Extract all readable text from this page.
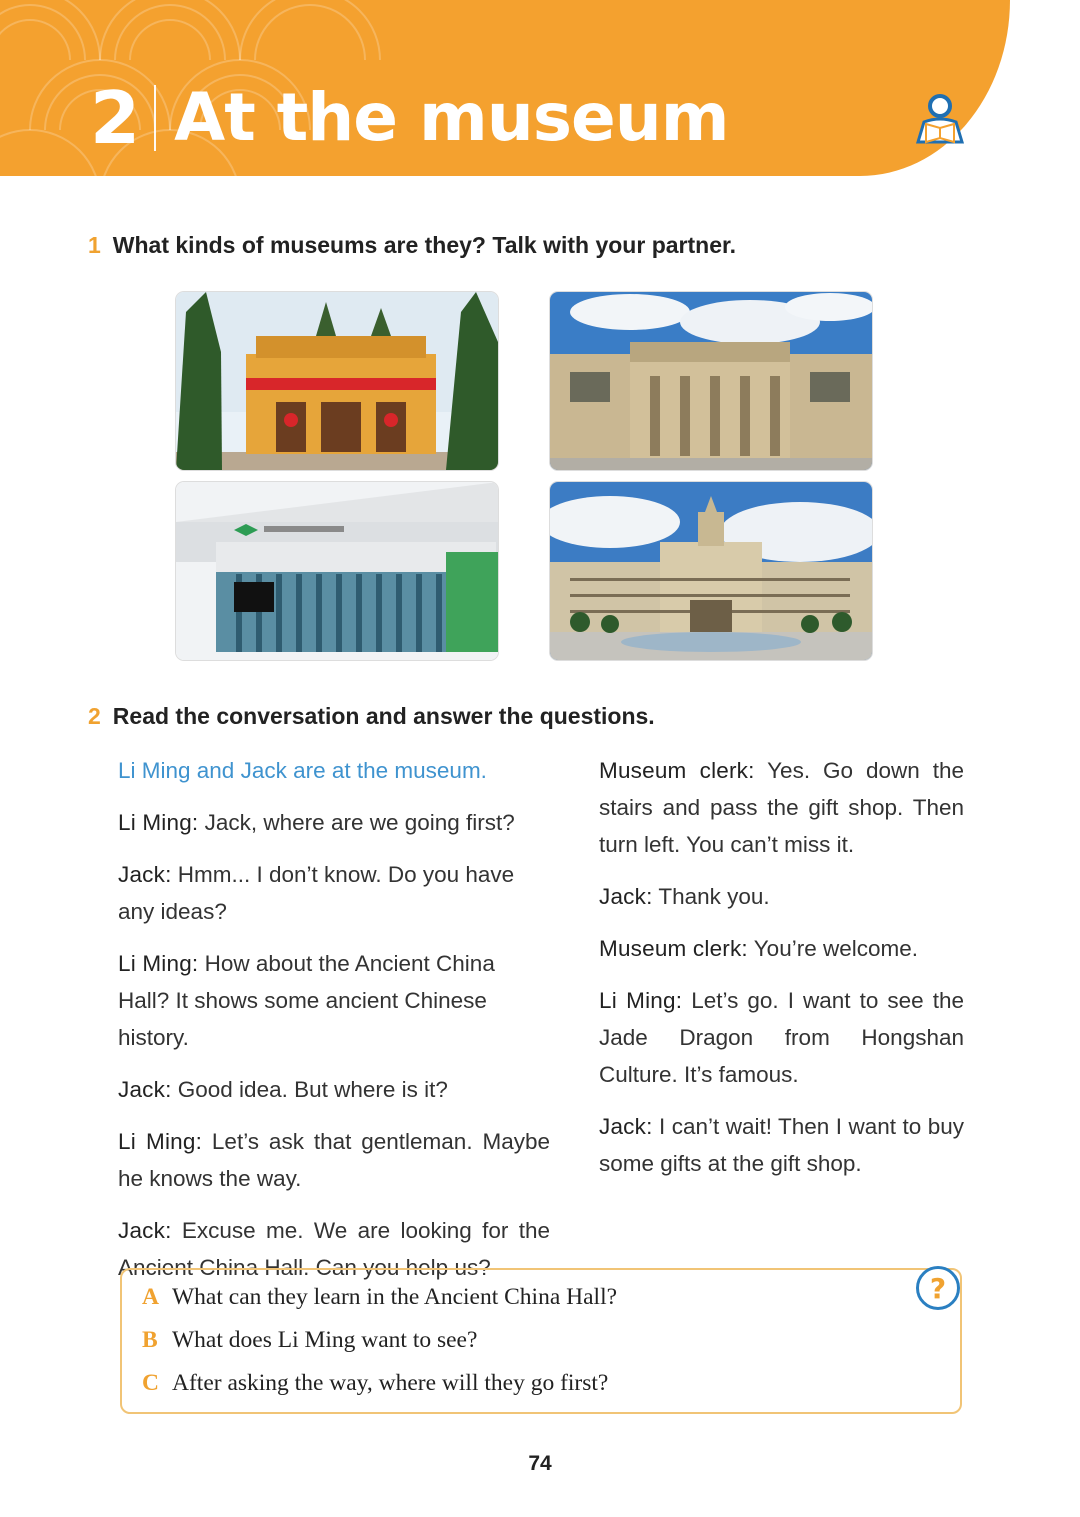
2 At the museum
1 What kinds of museums are they? Talk with your partner.
2 Read the conversation and answer the questions.

Li Ming and Jack are at the museum.

Li Ming: Jack, where are we going first?

Jack: Hmm... I don’t know. Do you have any ideas?

Li Ming: How about the Ancient China Hall? It shows some ancient Chinese history.

Jack: Good idea. But where is it?

Li Ming: Let’s ask that gentleman. Maybe he knows the way.

Jack: Excuse me. We are looking for the Ancient China Hall. Can you help us?

Museum clerk: Yes. Go down the stairs and pass the gift shop. Then turn left. You can’t miss it.

Jack: Thank you.

Museum clerk: You’re welcome.

Li Ming: Let’s go. I want to see the Jade Dragon from Hongshan Culture. It’s famous.

Jack: I can’t wait! Then I want to buy some gifts at the gift shop.

?
A What can they learn in the Ancient China Hall?
B What does Li Ming want to see?
C After asking the way, where will they go first?
74
